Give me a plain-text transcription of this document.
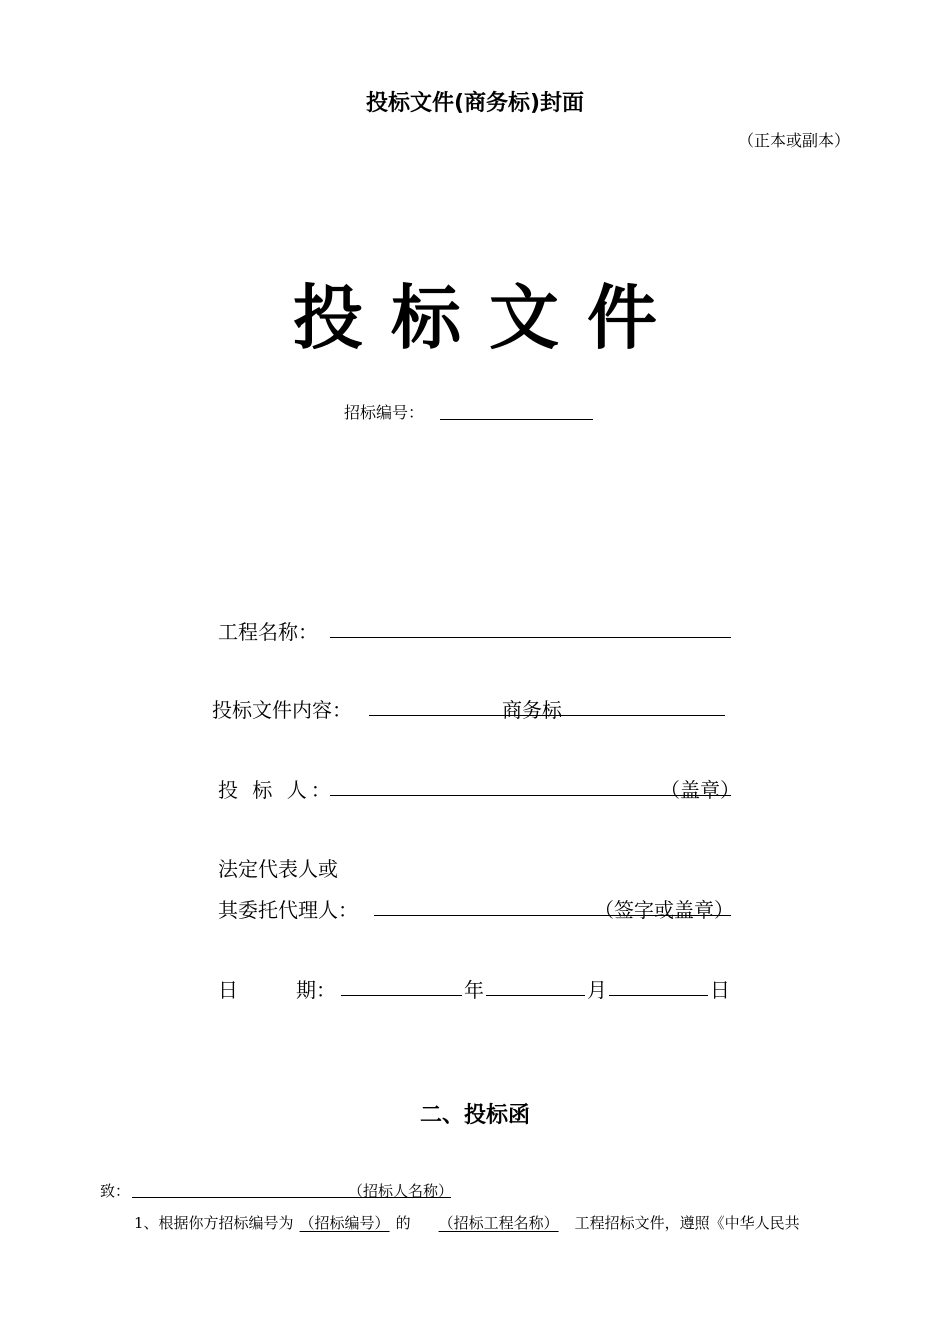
投标文件(商务标)封面
（正本或副本）
投 标 文 件
招标编号：
工程名称：
投标文件内容：	商务标
投 标 人：	（盖章）
法定代表人或
其委托代理人：	（签字或盖章）
日	期：	年	月	日
二、投标函
致：	（招标人名称）
1、根据你方招标编号为 （招标编号） 的 （招标工程名称） 工程招标文件，遵照《中华人民共
